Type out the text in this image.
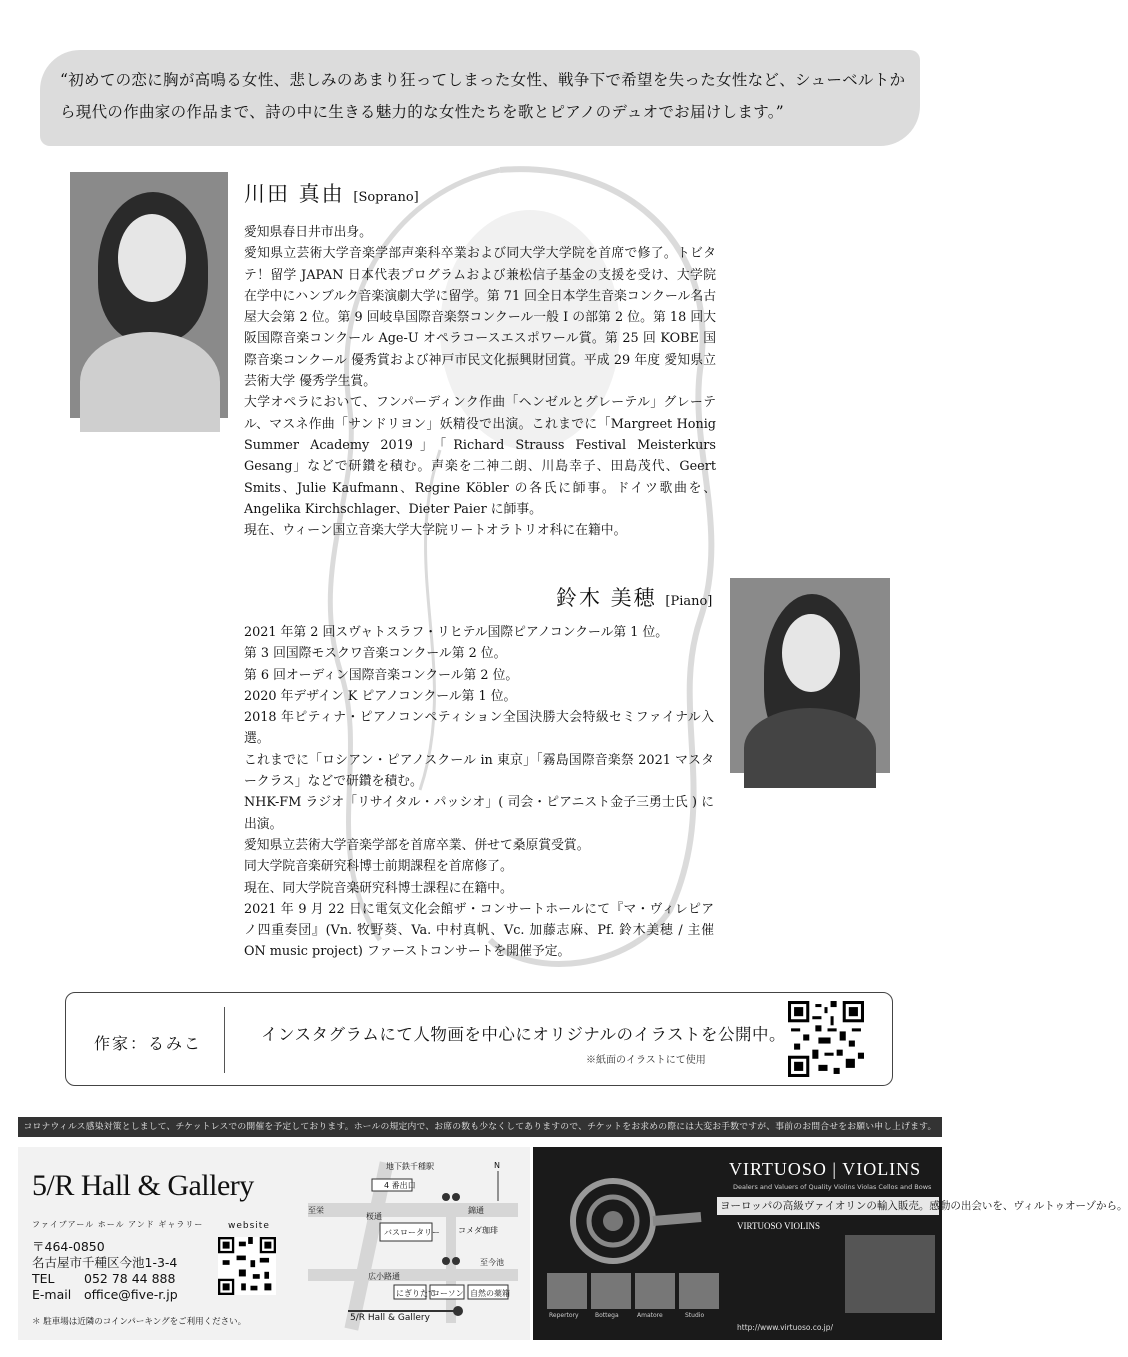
“初めての恋に胸が高鳴る女性、悲しみのあまり狂ってしまった女性、戦争下で希望を失った女性など、シューベルトから現代の作曲家の作品まで、詩の中に生きる魅力的な女性たちを歌とピアノのデュオでお届けします。”
川田 真由 [Soprano]

愛知県春日井市出身。

愛知県立芸術大学音楽学部声楽科卒業および同大学大学院を首席で修了。トビタテ！留学 JAPAN 日本代表プログラムおよび兼松信子基金の支援を受け、大学院在学中にハンブルク音楽演劇大学に留学。第 71 回全日本学生音楽コンクール名古屋大会第 2 位。第 9 回岐阜国際音楽祭コンクール一般 I の部第 2 位。第 18 回大阪国際音楽コンクール Age-U オペラコースエスポワール賞。第 25 回 KOBE 国際音楽コンクール 優秀賞および神戸市民文化振興財団賞。平成 29 年度 愛知県立芸術大学 優秀学生賞。

大学オペラにおいて、フンパーディンク作曲「ヘンゼルとグレーテル」グレーテル、マスネ作曲「サンドリヨン」妖精役で出演。これまでに「Margreet Honig Summer Academy 2019」「Richard Strauss Festival Meisterkurs Gesang」などで研鑽を積む。声楽を二神二朗、川島幸子、田島茂代、Geert Smits、Julie Kaufmann、Regine Köbler の各氏に師事。ドイツ歌曲を、Angelika Kirchschlager、Dieter Paier に師事。

現在、ウィーン国立音楽大学大学院リートオラトリオ科に在籍中。

鈴木 美穂 [Piano]

2021 年第 2 回スヴャトスラフ・リヒテル国際ピアノコンクール第 1 位。

第 3 回国際モスクワ音楽コンクール第 2 位。

第 6 回オーディン国際音楽コンクール第 2 位。

2020 年デザイン K ピアノコンクール第 1 位。

2018 年ピティナ・ピアノコンペティション全国決勝大会特級セミファイナル入選。

これまでに「ロシアン・ピアノスクール in 東京」「霧島国際音楽祭 2021 マスタークラス」などで研鑽を積む。

NHK-FM ラジオ「リサイタル・パッシオ」( 司会・ピアニスト金子三勇士氏 ) に出演。

愛知県立芸術大学音楽学部を首席卒業、併せて桑原賞受賞。

同大学院音楽研究科博士前期課程を首席修了。

現在、同大学院音楽研究科博士課程に在籍中。

2021 年 9 月 22 日に電気文化会館ザ・コンサートホールにて『マ・ヴィレピアノ四重奏団』(Vn. 牧野葵、Va. 中村真帆、Vc. 加藤志麻、Pf. 鈴木美穂 / 主催 ON music project) ファーストコンサートを開催予定。

作家：るみこ	インスタグラムにて人物画を中心にオリジナルのイラストを公開中。
※紙面のイラストにて使用
コロナウィルス感染対策としまして、チケットレスでの開催を予定しております。ホールの規定内で、お席の数も少なくしてありますので、チケットをお求めの際には大変お手数ですが、事前のお問合せをお願い申し上げます。
5/R Hall & Gallery
ファイブアール ホール アンド ギャラリー	website
〒464-0850
名古屋市千種区今池1-3-4
TEL 052 78 44 888
E-mail office@five-r.jp
＊ 駐車場は近隣のコインパーキングをご利用ください。
地下鉄千種駅
4 番出口
N
錦通
至栄
桜通
バスロータリー コメダ珈琲
至今池
広小路通
にぎりたて
ローソン 自然の薬箱
5/R Hall & Gallery
VIRTUOSO | VIOLINS
Dealers and Valuers of Quality Violins Violas Cellos and Bows
ヨーロッパの高級ヴァイオリンの輸入販売。感動の出会いを、ヴィルトゥオーゾから。
VIRTUOSO VIOLINS
Repertory	Bottega	Amatore	Studio
http://www.virtuoso.co.jp/
